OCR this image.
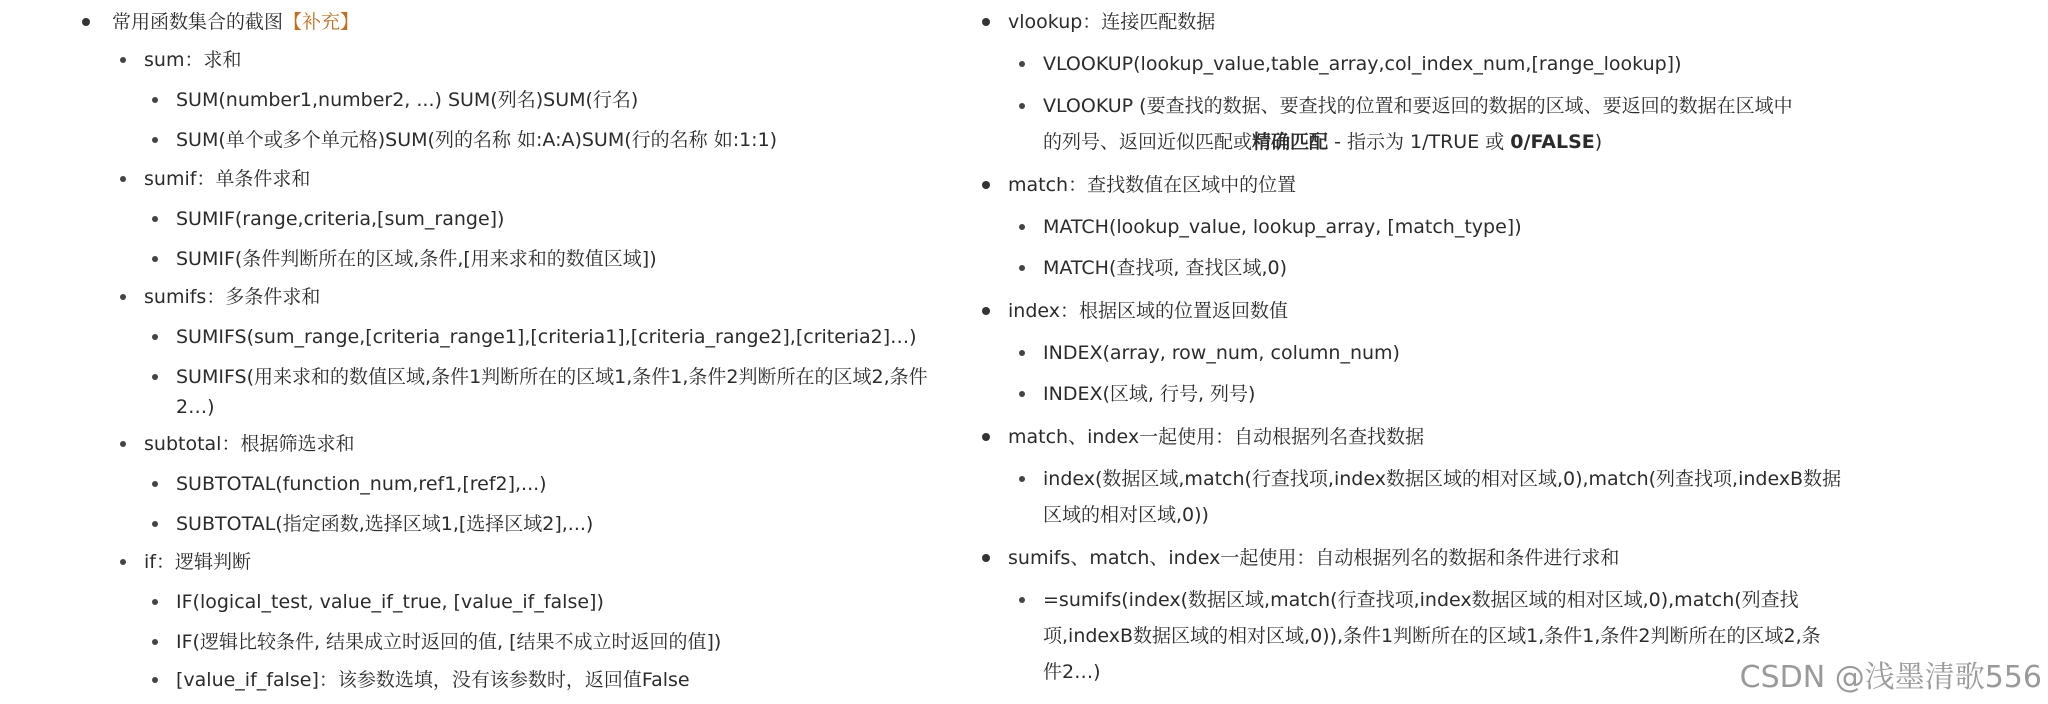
常用函数集合的截图【补充】
sum：求和
SUM(number1,number2, ...) SUM(列名)SUM(行名)
SUM(单个或多个单元格)SUM(列的名称 如:A:A)SUM(行的名称 如:1:1)
sumif：单条件求和
SUMIF(range,criteria,[sum_range])
SUMIF(条件判断所在的区域,条件,[用来求和的数值区域])
sumifs：多条件求和
SUMIFS(sum_range,[criteria_range1],[criteria1],[criteria_range2],[criteria2]…)
SUMIFS(用来求和的数值区域,条件1判断所在的区域1,条件1,条件2判断所在的区域2,条件
2…)
subtotal：根据筛选求和
SUBTOTAL(function_num,ref1,[ref2],...)
SUBTOTAL(指定函数,选择区域1,[选择区域2],...)
if：逻辑判断
IF(logical_test, value_if_true, [value_if_false])
IF(逻辑比较条件, 结果成立时返回的值, [结果不成立时返回的值])
[value_if_false]：该参数选填，没有该参数时，返回值False
vlookup：连接匹配数据
VLOOKUP(lookup_value,table_array,col_index_num,[range_lookup])
VLOOKUP (要查找的数据、要查找的位置和要返回的数据的区域、要返回的数据在区域中
的列号、返回近似匹配或精确匹配 - 指示为 1/TRUE 或 0/FALSE)
match：查找数值在区域中的位置
MATCH(lookup_value, lookup_array, [match_type])
MATCH(查找项, 查找区域,0)
index：根据区域的位置返回数值
INDEX(array, row_num, column_num)
INDEX(区域, 行号, 列号)
match、index一起使用：自动根据列名查找数据
index(数据区域,match(行查找项,index数据区域的相对区域,0),match(列查找项,indexB数据
区域的相对区域,0))
sumifs、match、index一起使用：自动根据列名的数据和条件进行求和
=sumifs(index(数据区域,match(行查找项,index数据区域的相对区域,0),match(列查找
项,indexB数据区域的相对区域,0)),条件1判断所在的区域1,条件1,条件2判断所在的区域2,条
件2…)	CSDN @浅墨清歌556
